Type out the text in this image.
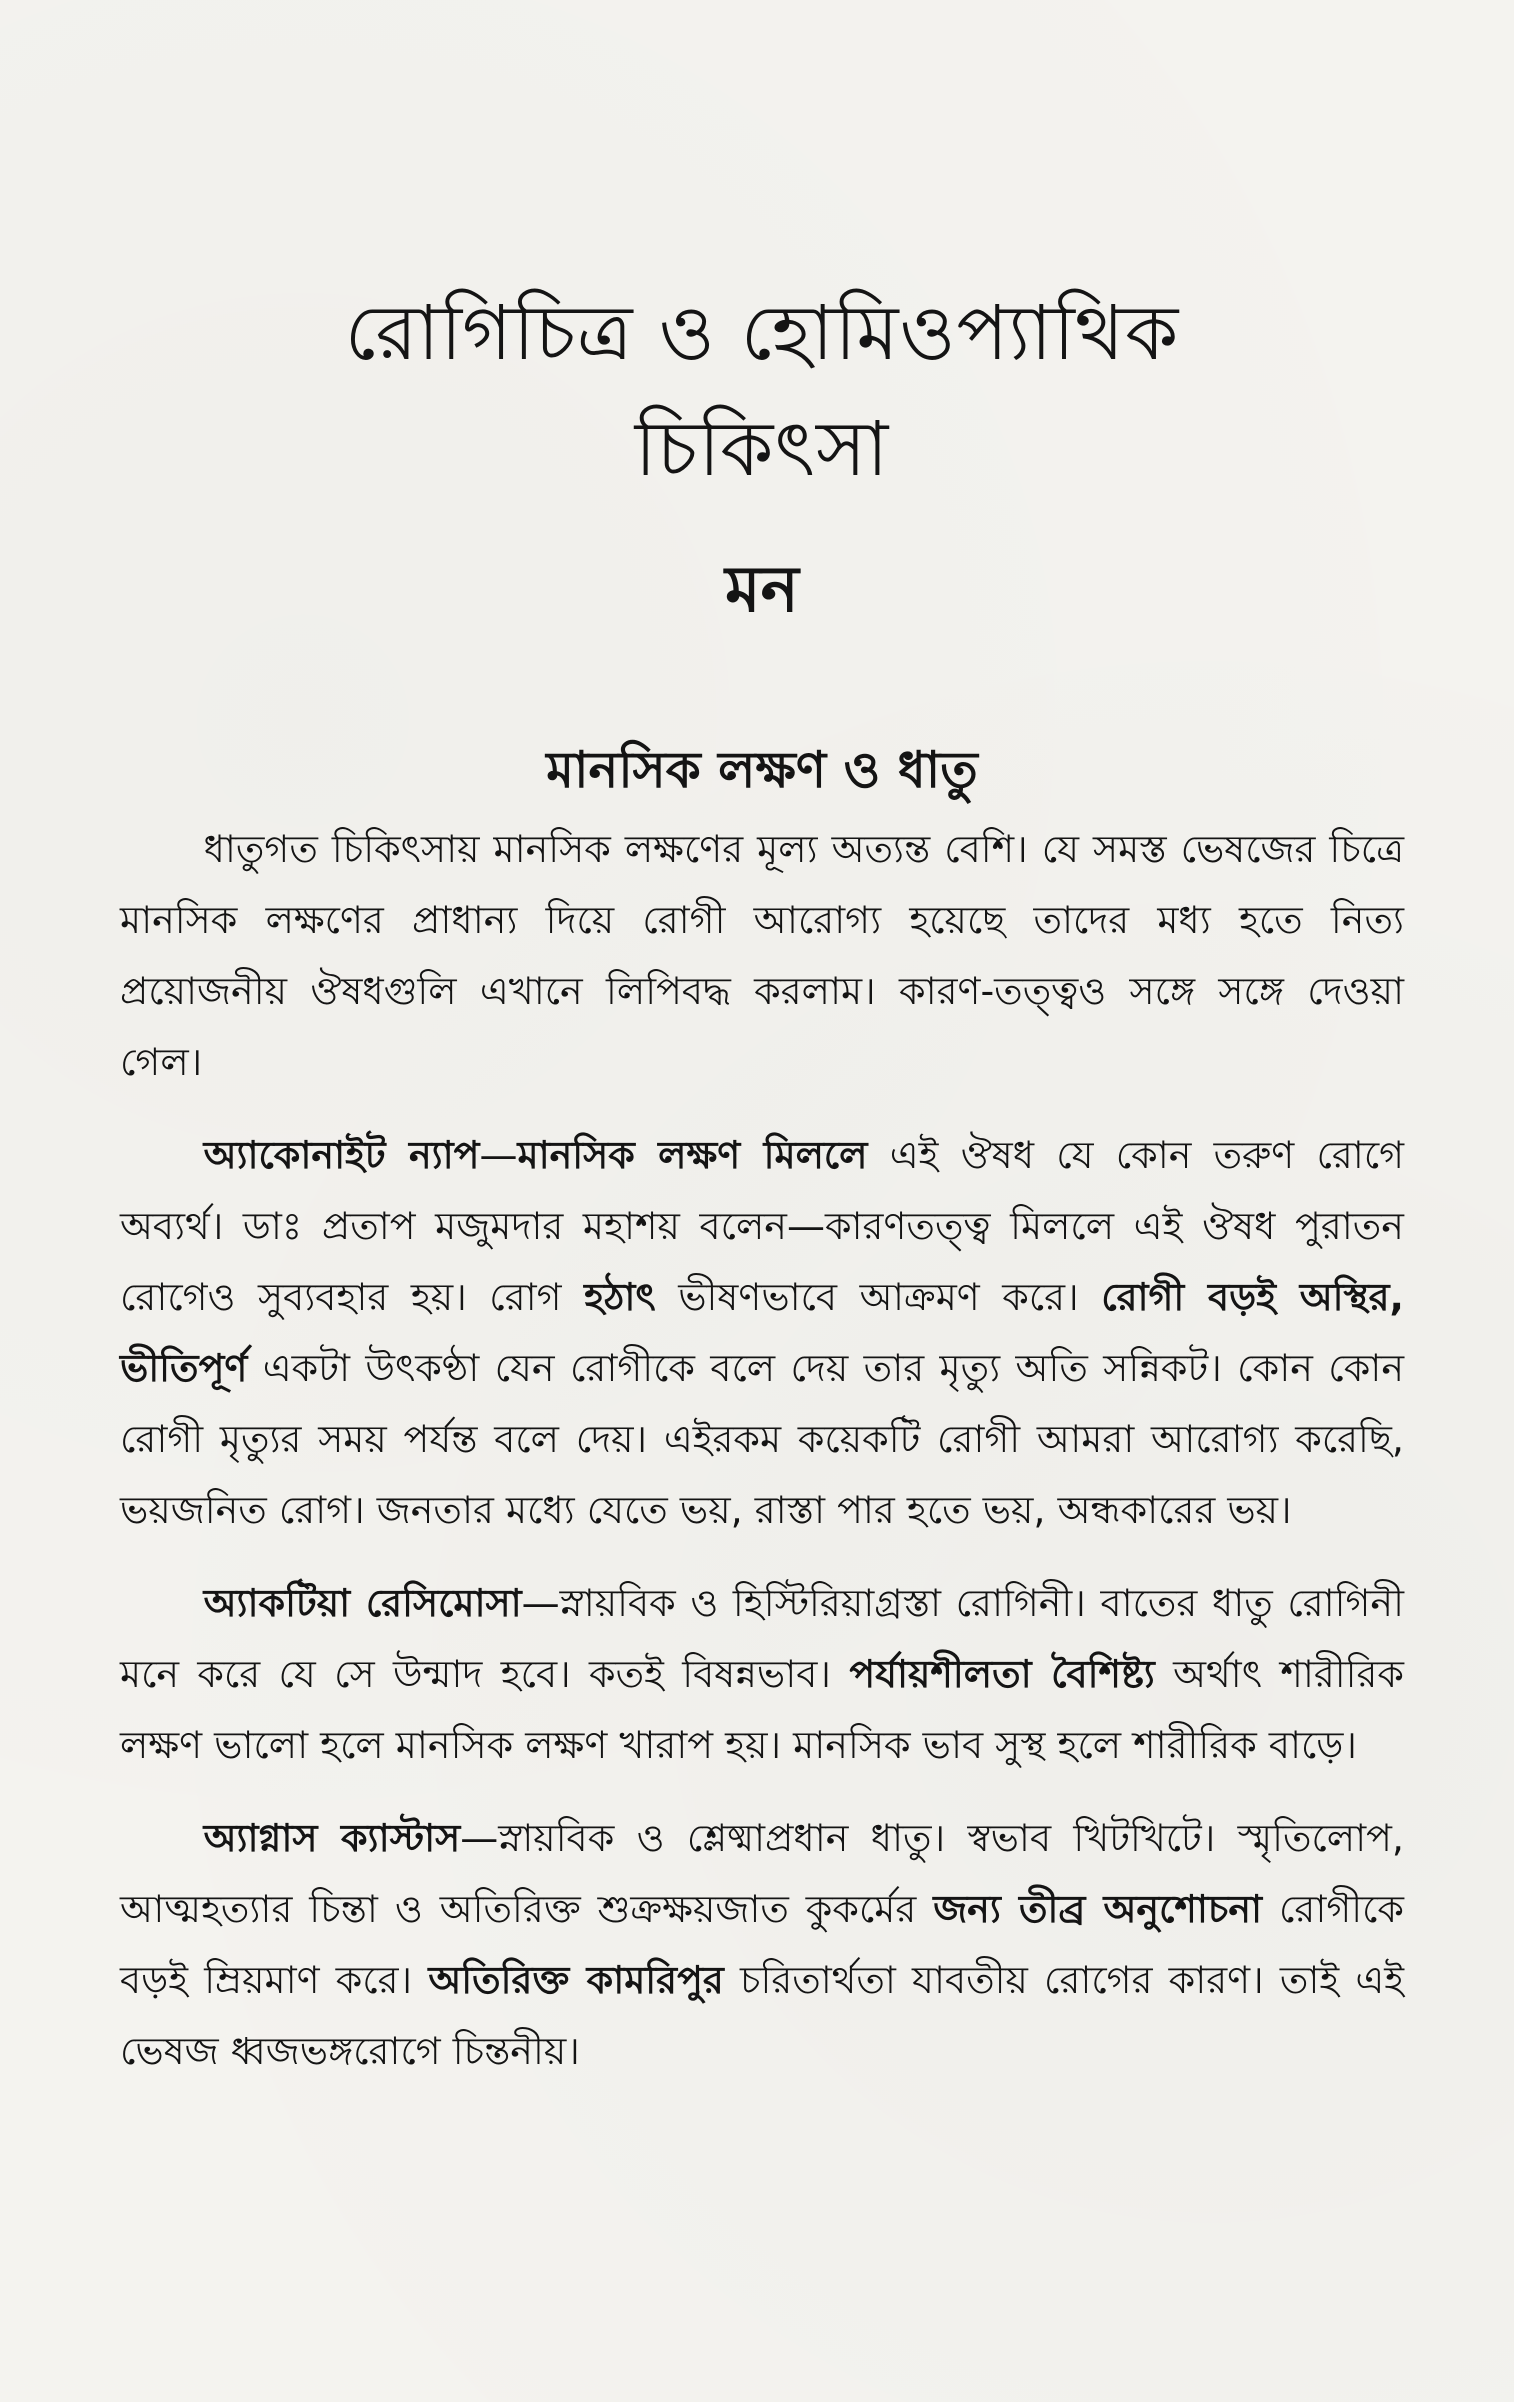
রোগিচিত্র ও হোমিওপ্যাথিক
চিকিৎসা
মন
মানসিক লক্ষণ ও ধাতু

ধাতুগত চিকিৎসায় মানসিক লক্ষণের মূল্য অত্যন্ত বেশি। যে সমস্ত ভেষজের চিত্রে মানসিক লক্ষণের প্রাধান্য দিয়ে রোগী আরোগ্য হয়েছে তাদের মধ্য হতে নিত্য প্রয়োজনীয় ঔষধগুলি এখানে লিপিবদ্ধ করলাম। কারণ-তত্ত্বও সঙ্গে সঙ্গে দেওয়া গেল।

অ্যাকোনাইট ন্যাপ—মানসিক লক্ষণ মিললে এই ঔষধ যে কোন তরুণ রোগে অব্যর্থ। ডাঃ প্রতাপ মজুমদার মহাশয় বলেন—কারণতত্ত্ব মিললে এই ঔষধ পুরাতন রোগেও সুব্যবহার হয়। রোগ হঠাৎ ভীষণভাবে আক্রমণ করে। রোগী বড়ই অস্থির, ভীতিপূর্ণ একটা উৎকণ্ঠা যেন রোগীকে বলে দেয় তার মৃত্যু অতি সন্নিকট। কোন কোন রোগী মৃত্যুর সময় পর্যন্ত বলে দেয়। এইরকম কয়েকটি রোগী আমরা আরোগ্য করেছি, ভয়জনিত রোগ। জনতার মধ্যে যেতে ভয়, রাস্তা পার হতে ভয়, অন্ধকারের ভয়।

অ্যাকটিয়া রেসিমোসা—স্নায়বিক ও হিস্টিরিয়াগ্রস্তা রোগিনী। বাতের ধাতু রোগিনী মনে করে যে সে উন্মাদ হবে। কতই বিষন্নভাব। পর্যায়শীলতা বৈশিষ্ট্য অর্থাৎ শারীরিক লক্ষণ ভালো হলে মানসিক লক্ষণ খারাপ হয়। মানসিক ভাব সুস্থ হলে শারীরিক বাড়ে।

অ্যাগ্নাস ক্যাস্টাস—স্নায়বিক ও শ্লেষ্মাপ্রধান ধাতু। স্বভাব খিটখিটে। স্মৃতিলোপ, আত্মহত্যার চিন্তা ও অতিরিক্ত শুক্রক্ষয়জাত কুকর্মের জন্য তীব্র অনুশোচনা রোগীকে বড়ই ম্রিয়মাণ করে। অতিরিক্ত কামরিপুর চরিতার্থতা যাবতীয় রোগের কারণ। তাই এই ভেষজ ধ্বজভঙ্গরোগে চিন্তনীয়।
